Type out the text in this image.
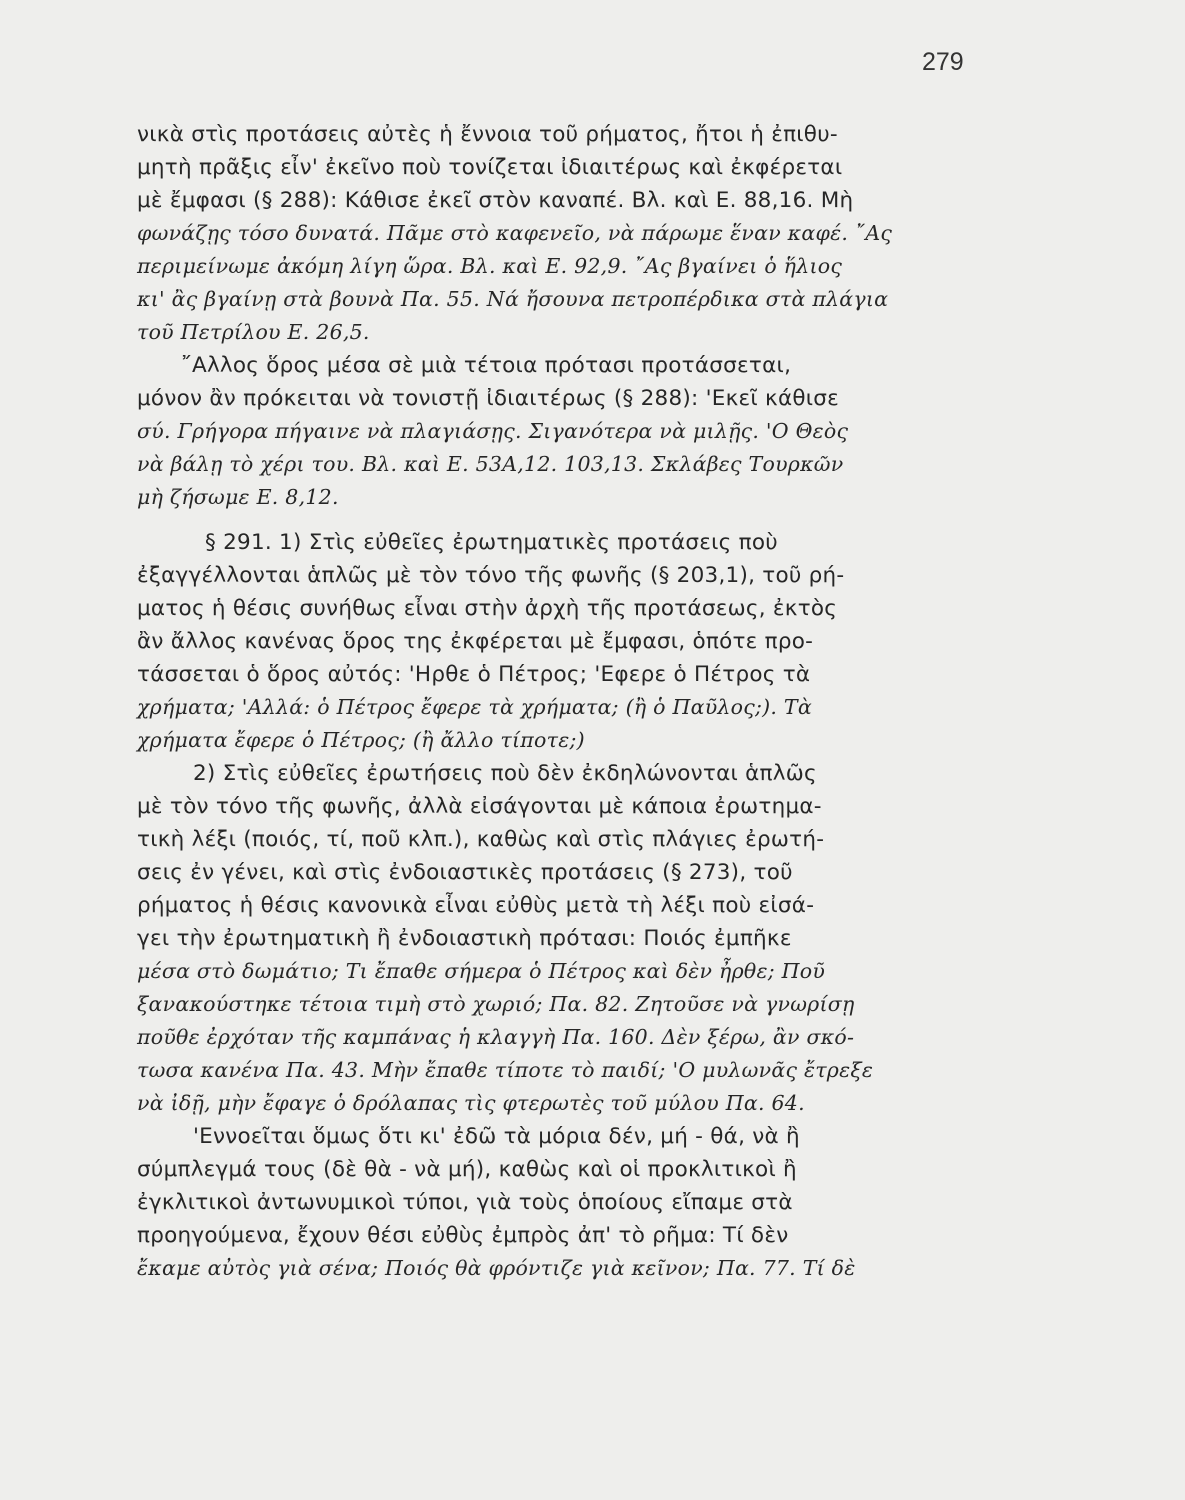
279
νικὰ στὶς προτάσεις αὐτὲς ἡ ἔννοια τοῦ ρήματος, ἤτοι ἡ ἐπιθυ-
μητὴ πρᾶξις εἶν' ἐκεῖνο ποὺ τονίζεται ἰδιαιτέρως καὶ ἐκφέρεται
μὲ ἔμφασι (§ 288): Κάθισε ἐκεῖ στὸν καναπέ. Βλ. καὶ Ε. 88,16. Μὴ
φωνάζῃς τόσο δυνατά. Πᾶμε στὸ καφενεῖο, νὰ πάρωμε ἕναν καφέ. ῎Ας
περιμείνωμε ἀκόμη λίγη ὥρα. Βλ. καὶ Ε. 92,9. ῎Ας βγαίνει ὁ ἥλιος
κι' ἂς βγαίνῃ στὰ βουνὰ Πα. 55. Νά ἤσουνα πετροπέρδικα στὰ πλάγια
τοῦ Πετρίλου Ε. 26,5.
῎Αλλος ὅρος μέσα σὲ μιὰ τέτοια πρότασι προτάσσεται,
μόνον ἂν πρόκειται νὰ τονιστῇ ἰδιαιτέρως (§ 288): 'Εκεῖ κάθισε
σύ. Γρήγορα πήγαινε νὰ πλαγιάσῃς. Σιγανότερα νὰ μιλῇς. 'Ο Θεὸς
νὰ βάλῃ τὸ χέρι του. Βλ. καὶ Ε. 53Α,12. 103,13. Σκλάβες Τουρκῶν
μὴ ζήσωμε Ε. 8,12.
§ 291. 1) Στὶς εὐθεῖες ἐρωτηματικὲς προτάσεις ποὺ
ἐξαγγέλλονται ἁπλῶς μὲ τὸν τόνο τῆς φωνῆς (§ 203,1), τοῦ ρή-
ματος ἡ θέσις συνήθως εἶναι στὴν ἀρχὴ τῆς προτάσεως, ἐκτὸς
ἂν ἄλλος κανένας ὅρος της ἐκφέρεται μὲ ἔμφασι, ὁπότε προ-
τάσσεται ὁ ὅρος αὐτός: 'Ηρθε ὁ Πέτρος; 'Εφερε ὁ Πέτρος τὰ
χρήματα; 'Αλλά: ὁ Πέτρος ἔφερε τὰ χρήματα; (ἢ ὁ Παῦλος;). Τὰ
χρήματα ἔφερε ὁ Πέτρος; (ἢ ἄλλο τίποτε;)
2) Στὶς εὐθεῖες ἐρωτήσεις ποὺ δὲν ἐκδηλώνονται ἁπλῶς
μὲ τὸν τόνο τῆς φωνῆς, ἀλλὰ εἰσάγονται μὲ κάποια ἐρωτημα-
τικὴ λέξι (ποιός, τί, ποῦ κλπ.), καθὼς καὶ στὶς πλάγιες ἐρωτή-
σεις ἐν γένει, καὶ στὶς ἐνδοιαστικὲς προτάσεις (§ 273), τοῦ
ρήματος ἡ θέσις κανονικὰ εἶναι εὐθὺς μετὰ τὴ λέξι ποὺ εἰσά-
γει τὴν ἐρωτηματικὴ ἢ ἐνδοιαστικὴ πρότασι: Ποιός ἐμπῆκε
μέσα στὸ δωμάτιο; Τι ἔπαθε σήμερα ὁ Πέτρος καὶ δὲν ἦρθε; Ποῦ
ξανακούστηκε τέτοια τιμὴ στὸ χωριό; Πα. 82. Ζητοῦσε νὰ γνωρίσῃ
ποῦθε ἐρχόταν τῆς καμπάνας ἡ κλαγγὴ Πα. 160. Δὲν ξέρω, ἂν σκό-
τωσα κανένα Πα. 43. Μὴν ἔπαθε τίποτε τὸ παιδί; 'Ο μυλωνᾶς ἔτρεξε
νὰ ἰδῇ, μὴν ἔφαγε ὁ δρόλαπας τὶς φτερωτὲς τοῦ μύλου Πα. 64.
'Εννοεῖται ὅμως ὅτι κι' ἐδῶ τὰ μόρια δέν, μή - θά, νὰ ἢ
σύμπλεγμά τους (δὲ θὰ - νὰ μή), καθὼς καὶ οἱ προκλιτικοὶ ἢ
ἐγκλιτικοὶ ἀντωνυμικοὶ τύποι, γιὰ τοὺς ὁποίους εἴπαμε στὰ
προηγούμενα, ἔχουν θέσι εὐθὺς ἐμπρὸς ἀπ' τὸ ρῆμα: Τί δὲν
ἔκαμε αὐτὸς γιὰ σένα; Ποιός θὰ φρόντιζε γιὰ κεῖνον; Πα. 77. Τί δὲ
